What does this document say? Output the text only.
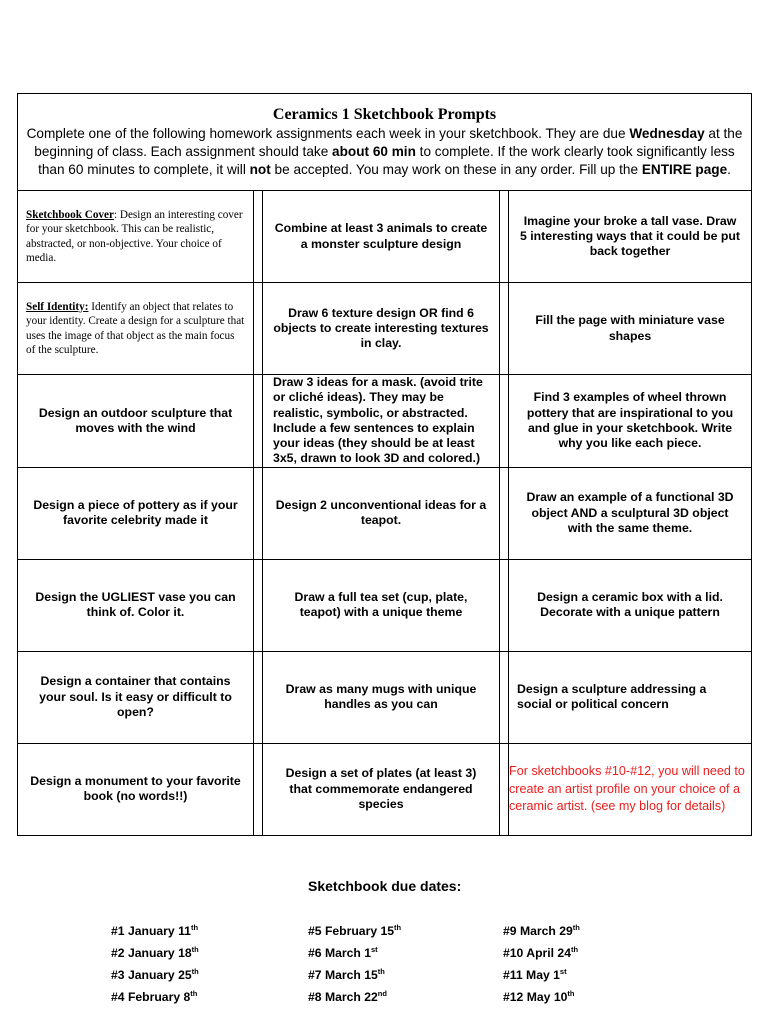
Ceramics 1 Sketchbook Prompts
Complete one of the following homework assignments each week in your sketchbook. They are due Wednesday at the beginning of class. Each assignment should take about 60 min to complete. If the work clearly took significantly less than 60 minutes to complete, it will not be accepted. You may work on these in any order. Fill up the ENTIRE page.				

Sketchbook Cover: Design an interesting cover for your sketchbook. This can be realistic, abstracted, or non-objective. Your choice of media.		Combine at least 3 animals to create a monster sculpture design		Imagine your broke a tall vase. Draw 5 interesting ways that it could be put back together

Self Identity: Identify an object that relates to your identity. Create a design for a sculpture that uses the image of that object as the main focus of the sculpture.		Draw 6 texture design OR find 6 objects to create interesting textures in clay.		Fill the page with miniature vase shapes

Design an outdoor sculpture that moves with the wind		Draw 3 ideas for a mask. (avoid trite or cliché ideas). They may be realistic, symbolic, or abstracted. Include a few sentences to explain your ideas (they should be at least 3x5, drawn to look 3D and colored.)		Find 3 examples of wheel thrown pottery that are inspirational to you and glue in your sketchbook. Write why you like each piece.

Design a piece of pottery as if your favorite celebrity made it		Design 2 unconventional ideas for a teapot.		Draw an example of a functional 3D object AND a sculptural 3D object with the same theme.

Design the UGLIEST vase you can think of. Color it.		Draw a full tea set (cup, plate, teapot) with a unique theme		Design a ceramic box with a lid. Decorate with a unique pattern

Design a container that contains your soul. Is it easy or difficult to open?		Draw as many mugs with unique handles as you can		Design a sculpture addressing a social or political concern

Design a monument to your favorite book (no words!!)		Design a set of plates (at least 3) that commemorate endangered species		For sketchbooks #10-#12, you will need to create an artist profile on your choice of a ceramic artist. (see my blog for details)
Sketchbook due dates:
#1 January 11th
#2 January 18th
#3 January 25th
#4 February 8th
#5 February 15th
#6 March 1st
#7 March 15th
#8 March 22nd
#9 March 29th
#10 April 24th
#11 May 1st
#12 May 10th
